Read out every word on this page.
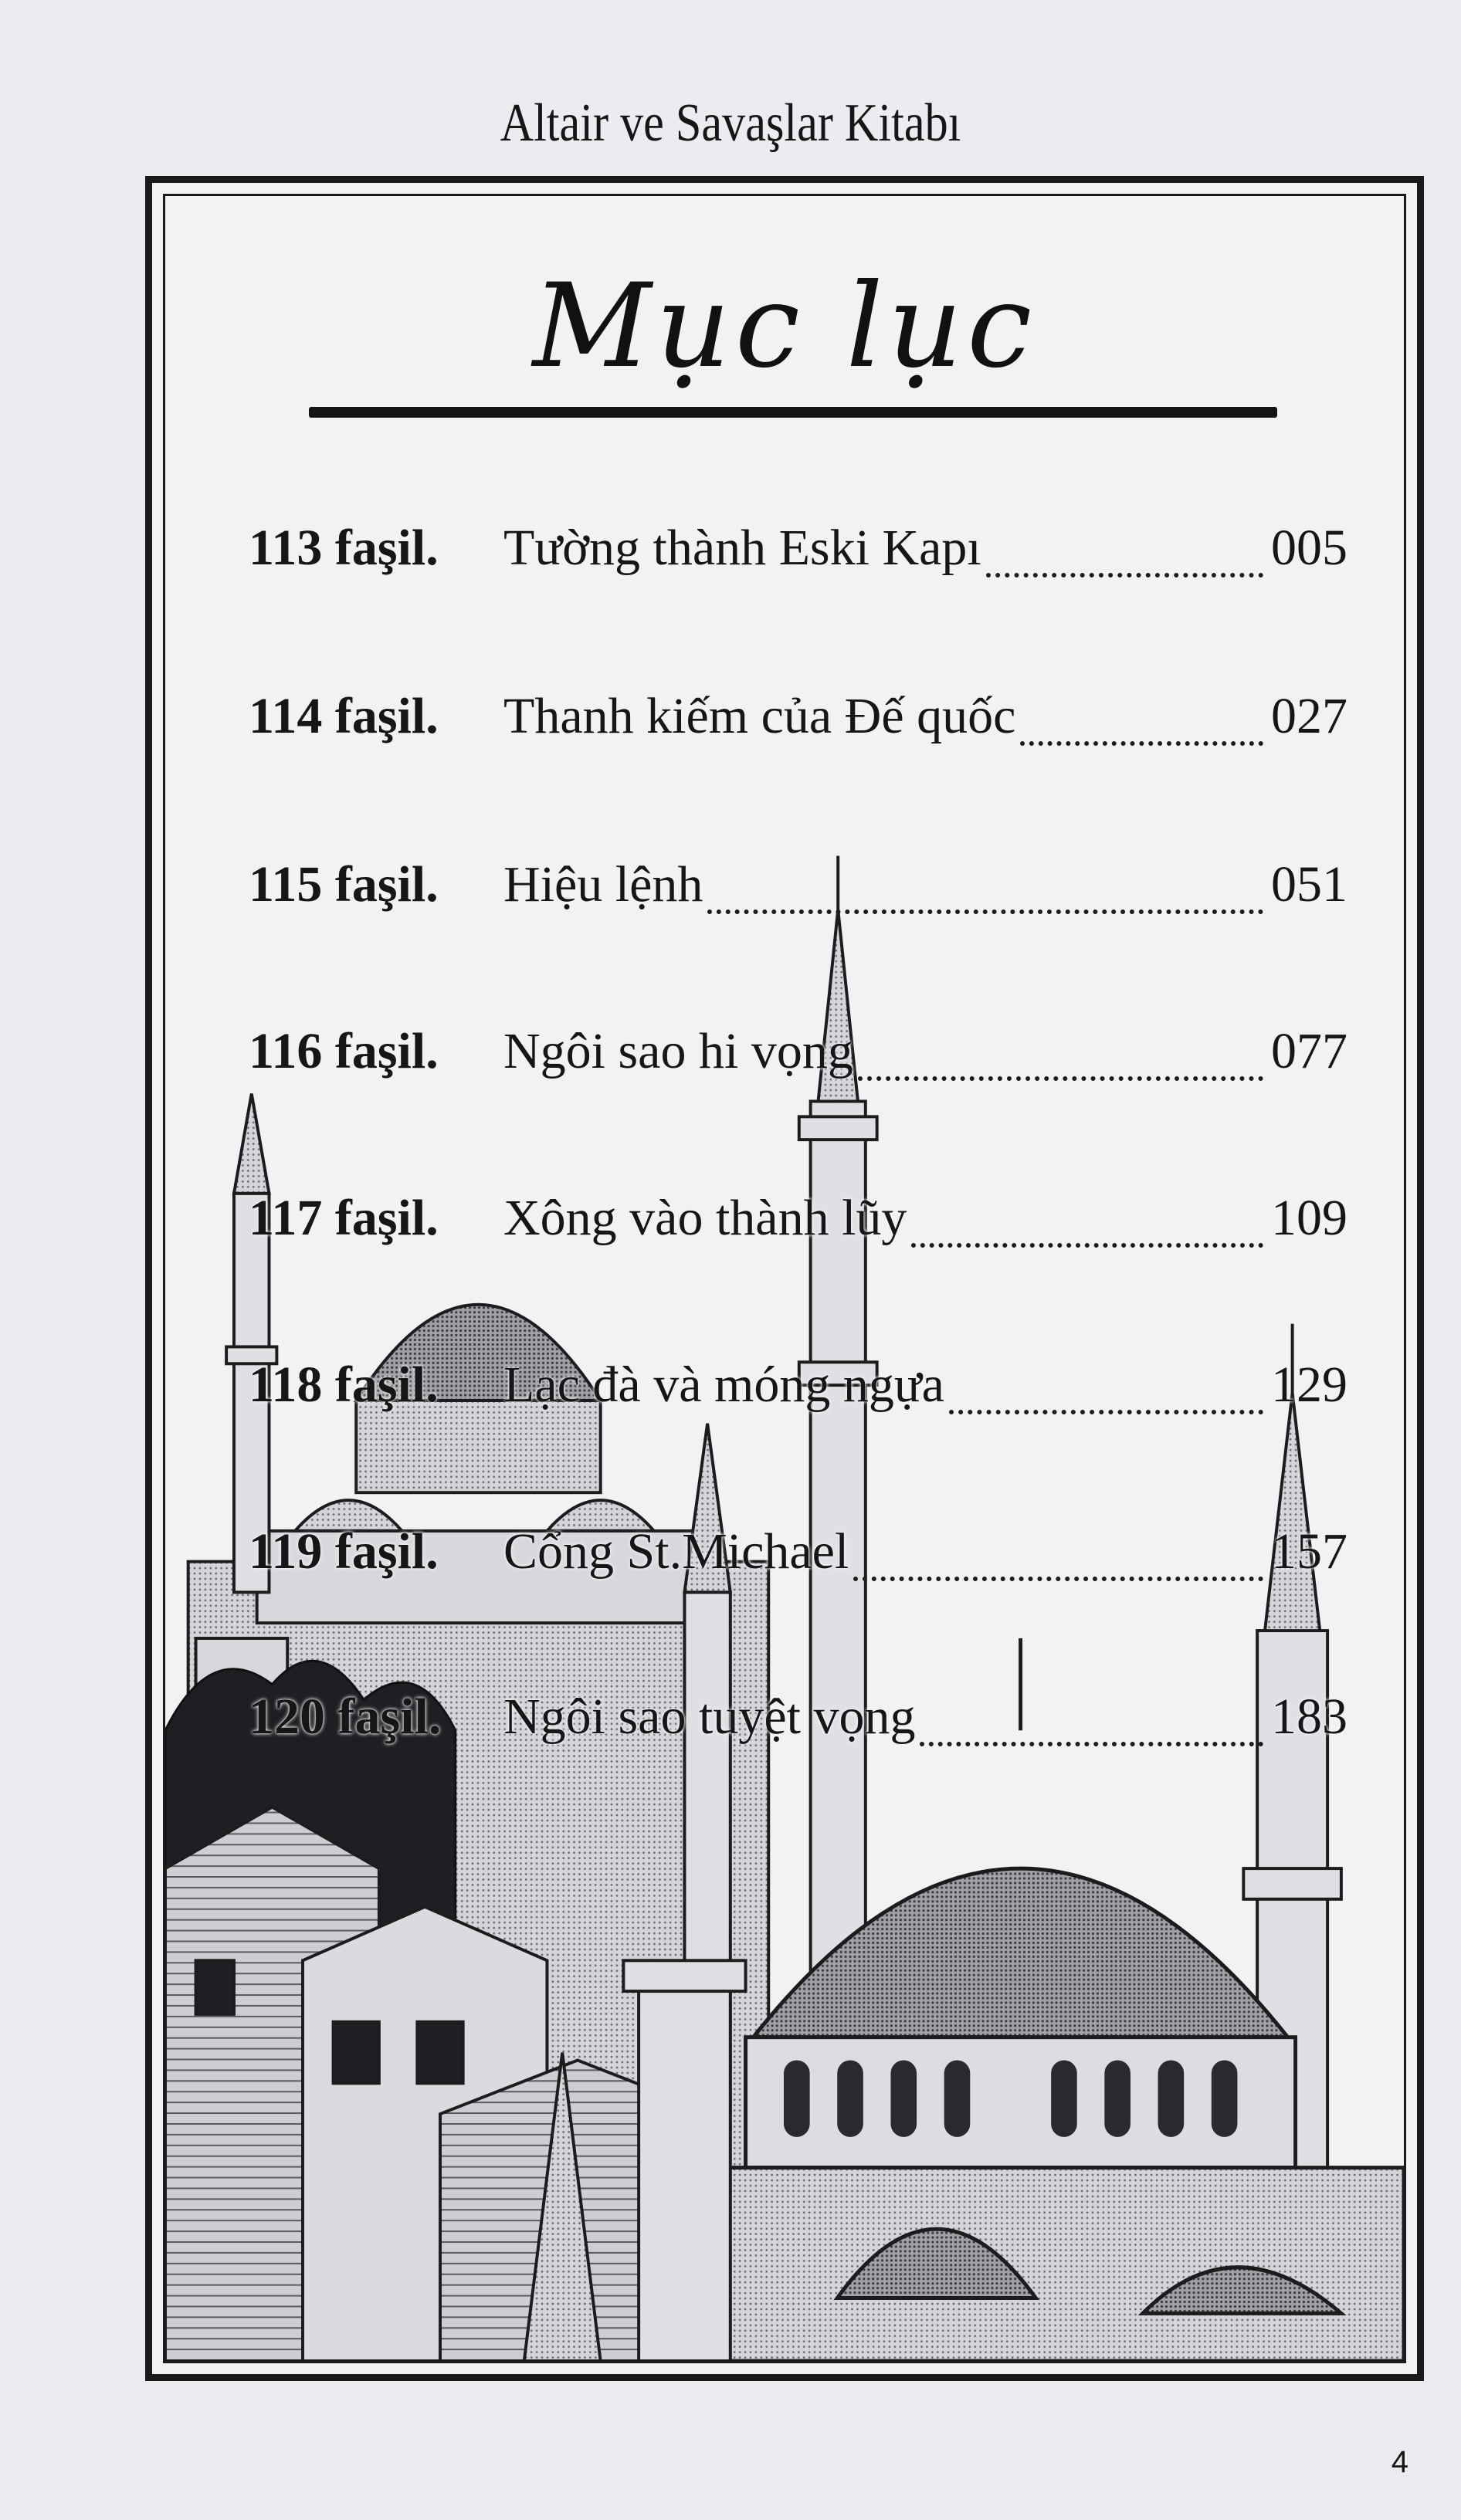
Altair ve Savaşlar Kitabı
Mục lục
113 faşil.	Tường thành Eski Kapı	005
114 faşil.	Thanh kiếm của Đế quốc	027
115 faşil.	Hiệu lệnh	051
116 faşil.	Ngôi sao hi vọng	077
117 faşil.	Xông vào thành lũy	109
118 faşil.	Lạc đà và móng ngựa	129
119 faşil.	Cổng St.Michael	157
120 faşil.	Ngôi sao tuyệt vọng	183
4
